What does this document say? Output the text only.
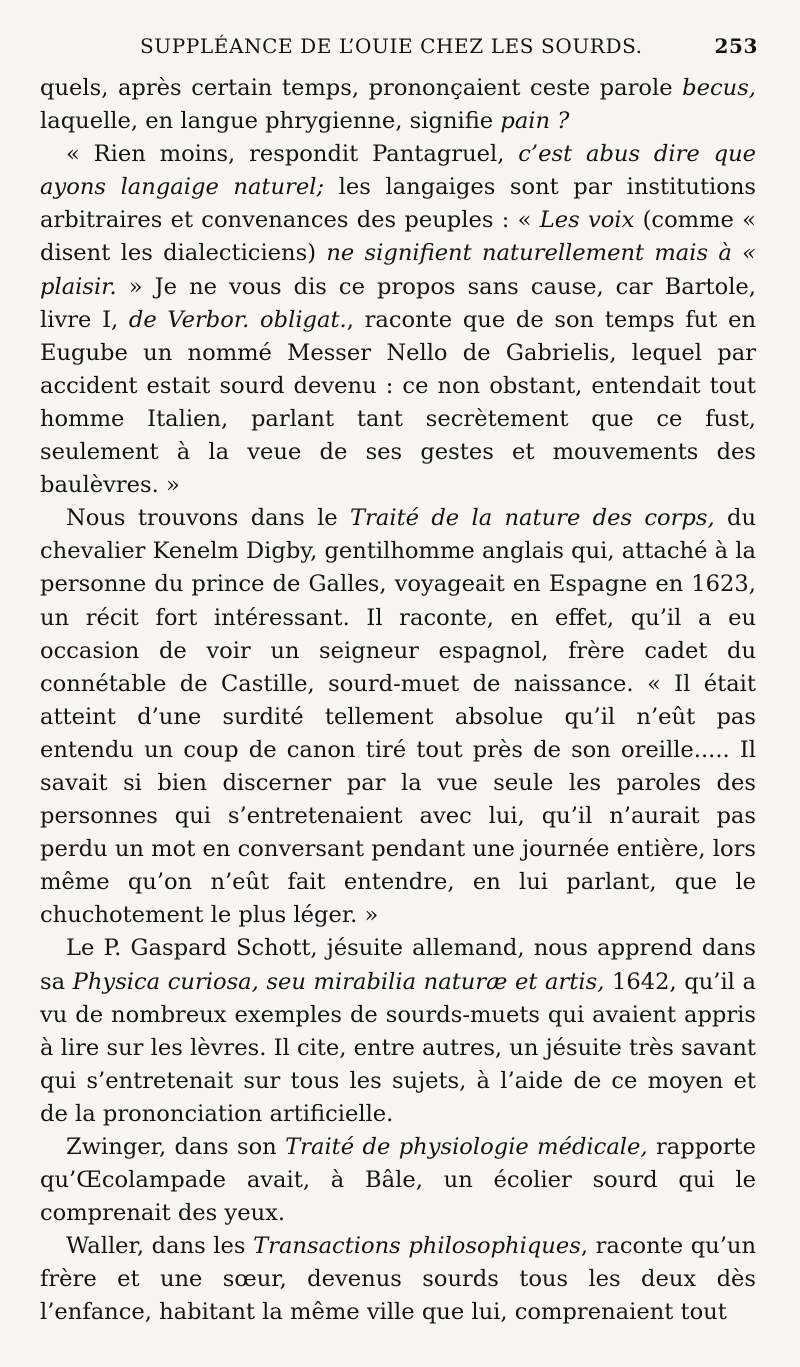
SUPPLÉANCE DE L’OUIE CHEZ LES SOURDS.	253

quels, après certain temps, prononçaient ceste parole becus, laquelle, en langue phrygienne, signifie pain ?

« Rien moins, respondit Pantagruel, c’est abus dire que ayons langaige naturel; les langaiges sont par institutions arbitraires et convenances des peuples : « Les voix (comme « disent les dialecticiens) ne signifient naturellement mais à « plaisir. » Je ne vous dis ce propos sans cause, car Bartole, livre I, de Verbor. obligat., raconte que de son temps fut en Eugube un nommé Messer Nello de Gabrielis, lequel par accident estait sourd devenu : ce non obstant, entendait tout homme Italien, parlant tant secrètement que ce fust, seulement à la veue de ses gestes et mouvements des baulèvres. »

Nous trouvons dans le Traité de la nature des corps, du chevalier Kenelm Digby, gentilhomme anglais qui, attaché à la personne du prince de Galles, voyageait en Espagne en 1623, un récit fort intéressant. Il raconte, en effet, qu’il a eu occasion de voir un seigneur espagnol, frère cadet du connétable de Castille, sourd-muet de naissance. « Il était atteint d’une surdité tellement absolue qu’il n’eût pas entendu un coup de canon tiré tout près de son oreille..... Il savait si bien discerner par la vue seule les paroles des personnes qui s’entretenaient avec lui, qu’il n’aurait pas perdu un mot en conversant pendant une journée entière, lors même qu’on n’eût fait entendre, en lui parlant, que le chuchotement le plus léger. »

Le P. Gaspard Schott, jésuite allemand, nous apprend dans sa Physica curiosa, seu mirabilia naturæ et artis, 1642, qu’il a vu de nombreux exemples de sourds-muets qui avaient appris à lire sur les lèvres. Il cite, entre autres, un jésuite très savant qui s’entretenait sur tous les sujets, à l’aide de ce moyen et de la prononciation artificielle.

Zwinger, dans son Traité de physiologie médicale, rapporte qu’Œcolampade avait, à Bâle, un écolier sourd qui le comprenait des yeux.

Waller, dans les Transactions philosophiques, raconte qu’un frère et une sœur, devenus sourds tous les deux dès l’enfance, habitant la même ville que lui, comprenaient tout
